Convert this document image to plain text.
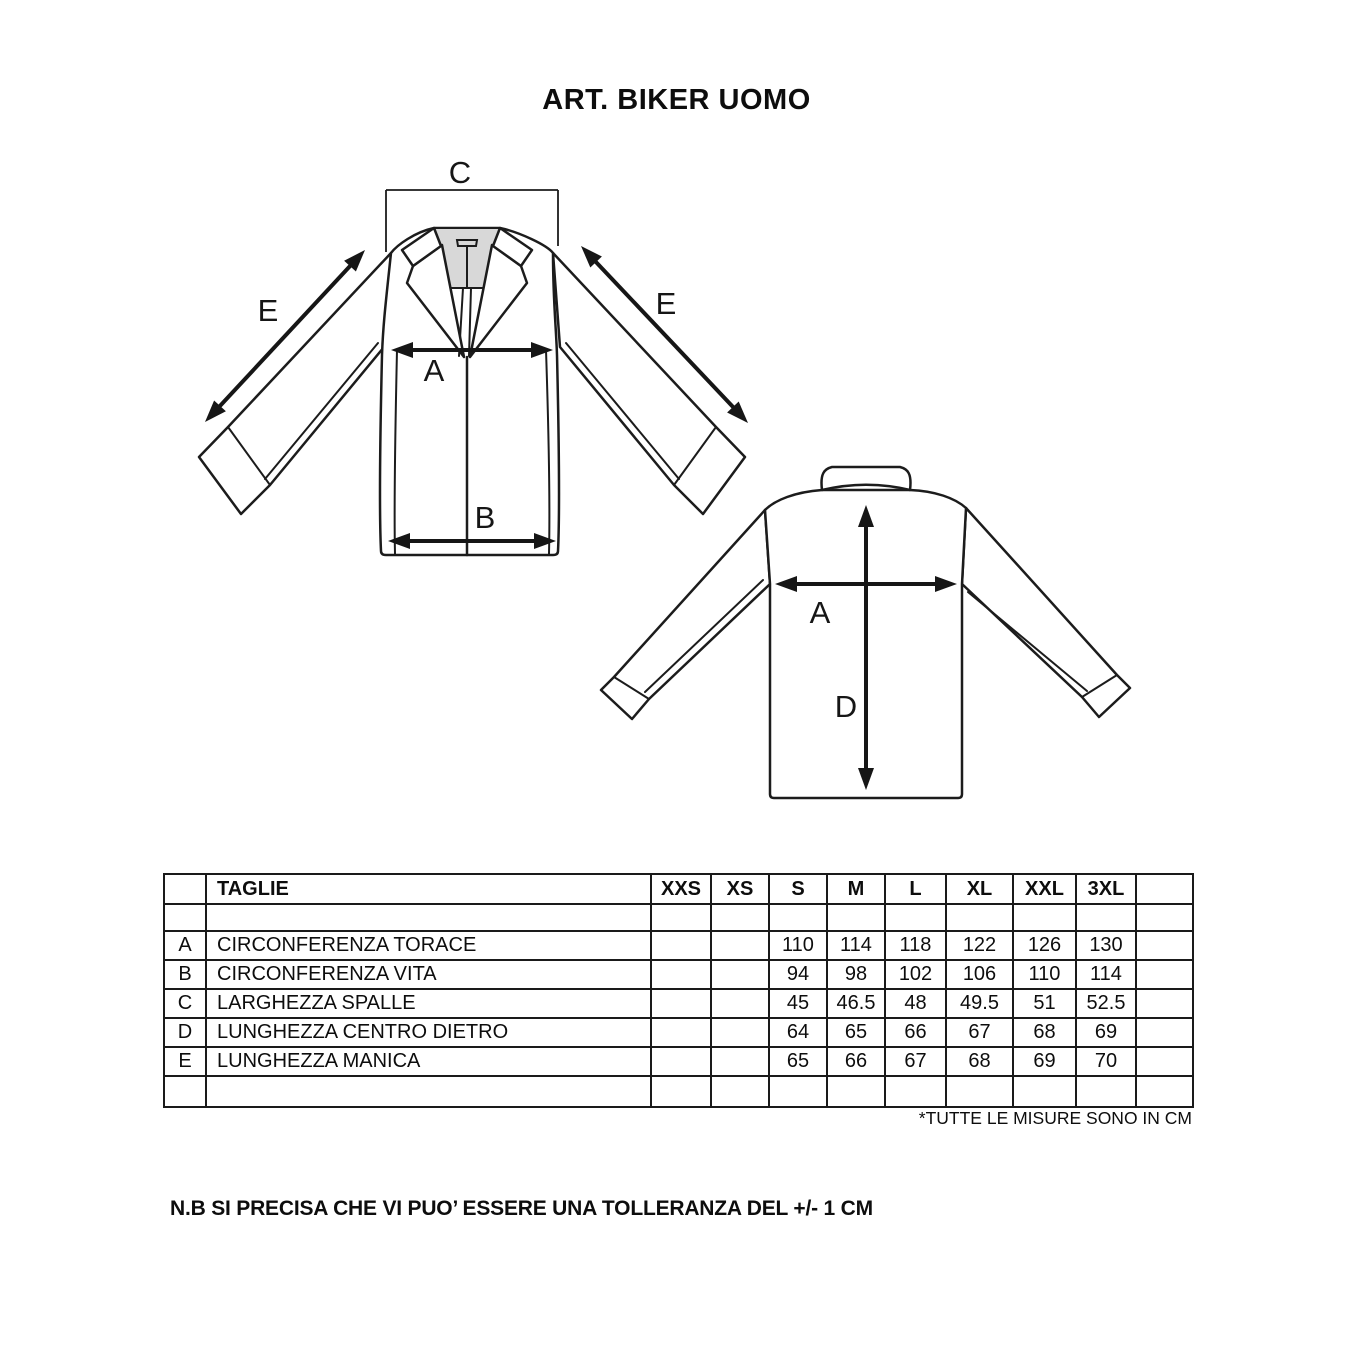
ART. BIKER UOMO
C
E	E
A
B
A
D
	TAGLIE	XXS	XS	S	M	L	XL	XXL	3XL	

A	CIRCONFERENZA TORACE			110	114	118	122	126	130	
B	CIRCONFERENZA VITA			94	98	102	106	110	114	
C	LARGHEZZA SPALLE			45	46.5	48	49.5	51	52.5	
D	LUNGHEZZA CENTRO DIETRO			64	65	66	67	68	69	
E	LUNGHEZZA MANICA			65	66	67	68	69	70	

*TUTTE LE MISURE SONO IN CM
N.B SI PRECISA CHE VI PUO’ ESSERE UNA TOLLERANZA DEL +/- 1 CM
